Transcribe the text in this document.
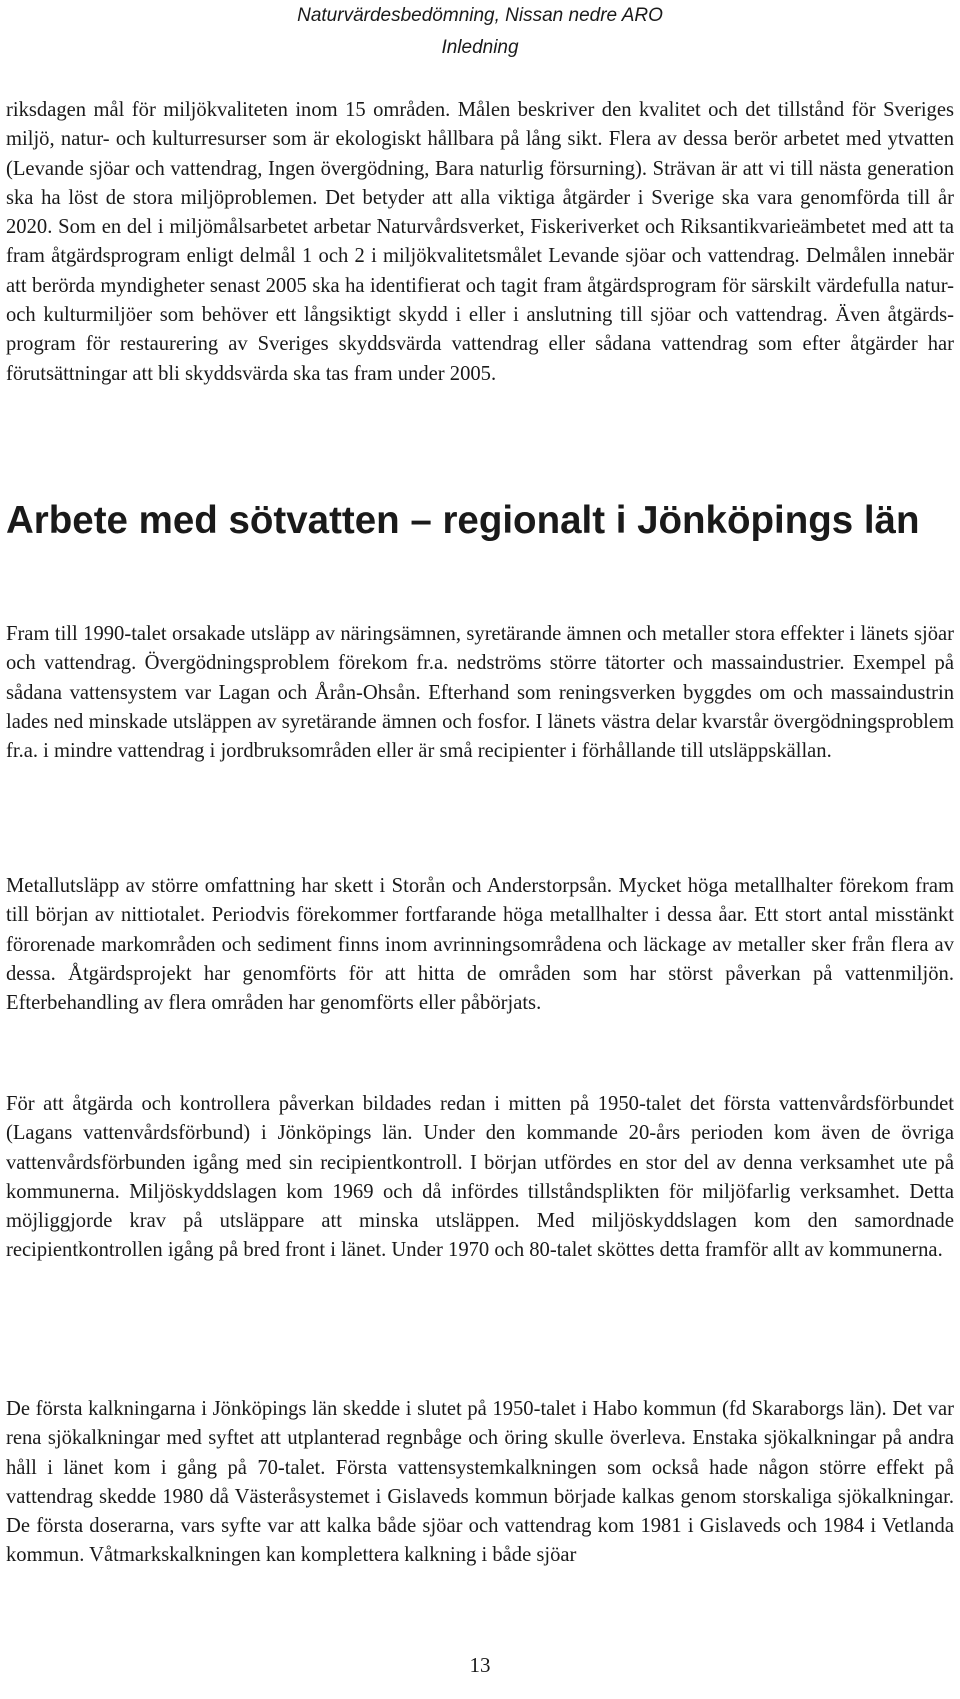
Naturvärdesbedömning, Nissan nedre ARO
Inledning

riksdagen mål för miljökvaliteten inom 15 områden. Målen beskriver den kvalitet och det tillstånd för Sveriges miljö, natur- och kulturresurser som är ekologiskt hållbara på lång sikt. Flera av dessa berör arbetet med ytvatten (Levande sjöar och vattendrag, Ingen övergödning, Bara naturlig försurning). Strävan är att vi till nästa generation ska ha löst de stora miljöproblemen. Det betyder att alla viktiga åtgärder i Sverige ska vara genomförda till år 2020. Som en del i miljömålsarbetet arbetar Naturvårdsverket, Fiskeriverket och Riksantikvarieämbetet med att ta fram åtgärdsprogram enligt delmål 1 och 2 i miljökvalitetsmålet Levande sjöar och vattendrag. Delmålen innebär att berörda myndigheter senast 2005 ska ha identifierat och tagit fram åtgärdsprogram för särskilt värdefulla natur- och kulturmiljöer som behöver ett långsiktigt skydd i eller i anslutning till sjöar och vattendrag. Även åtgärdsprogram för restaurering av Sveriges skyddsvärda vattendrag eller sådana vattendrag som efter åtgärder har förutsättningar att bli skyddsvärda ska tas fram under 2005.

Arbete med sötvatten – regionalt i Jönköpings län

Fram till 1990-talet orsakade utsläpp av näringsämnen, syretärande ämnen och metaller stora effekter i länets sjöar och vattendrag. Övergödningsproblem förekom fr.a. nedströms större tätorter och massaindustrier. Exempel på sådana vattensystem var Lagan och Årån-Ohsån. Efterhand som reningsverken byggdes om och massaindustrin lades ned minskade utsläppen av syretärande ämnen och fosfor. I länets västra delar kvarstår övergödningsproblem fr.a. i mindre vattendrag i jordbruksområden eller är små recipienter i förhållande till utsläppskällan.

Metallutsläpp av större omfattning har skett i Storån och Anderstorpsån. Mycket höga metallhalter förekom fram till början av nittiotalet. Periodvis förekommer fortfarande höga metallhalter i dessa åar. Ett stort antal misstänkt förorenade markområden och sediment finns inom avrinningsområdena och läckage av metaller sker från flera av dessa. Åtgärdsprojekt har genomförts för att hitta de områden som har störst påverkan på vattenmiljön. Efterbehandling av flera områden har genomförts eller påbörjats.

För att åtgärda och kontrollera påverkan bildades redan i mitten på 1950-talet det första vattenvårdsförbundet (Lagans vattenvårdsförbund) i Jönköpings län. Under den kommande 20-års perioden kom även de övriga vattenvårdsförbunden igång med sin recipientkontroll. I början utfördes en stor del av denna verksamhet ute på kommunerna. Miljöskyddslagen kom 1969 och då infördes tillståndsplikten för miljöfarlig verksamhet. Detta möjliggjorde krav på utsläppare att minska utsläppen. Med miljöskyddslagen kom den samordnade recipientkontrollen igång på bred front i länet. Under 1970 och 80-talet sköttes detta framför allt av kommunerna.

De första kalkningarna i Jönköpings län skedde i slutet på 1950-talet i Habo kommun (fd Skaraborgs län). Det var rena sjökalkningar med syftet att utplanterad regnbåge och öring skulle överleva. Enstaka sjökalkningar på andra håll i länet kom i gång på 70-talet. Första vattensystemkalkningen som också hade någon större effekt på vattendrag skedde 1980 då Västeråsystemet i Gislaveds kommun började kalkas genom storskaliga sjökalkningar. De första doserarna, vars syfte var att kalka både sjöar och vattendrag kom 1981 i Gislaveds och 1984 i Vetlanda kommun. Våtmarkskalkningen kan komplettera kalkning i både sjöar

13
